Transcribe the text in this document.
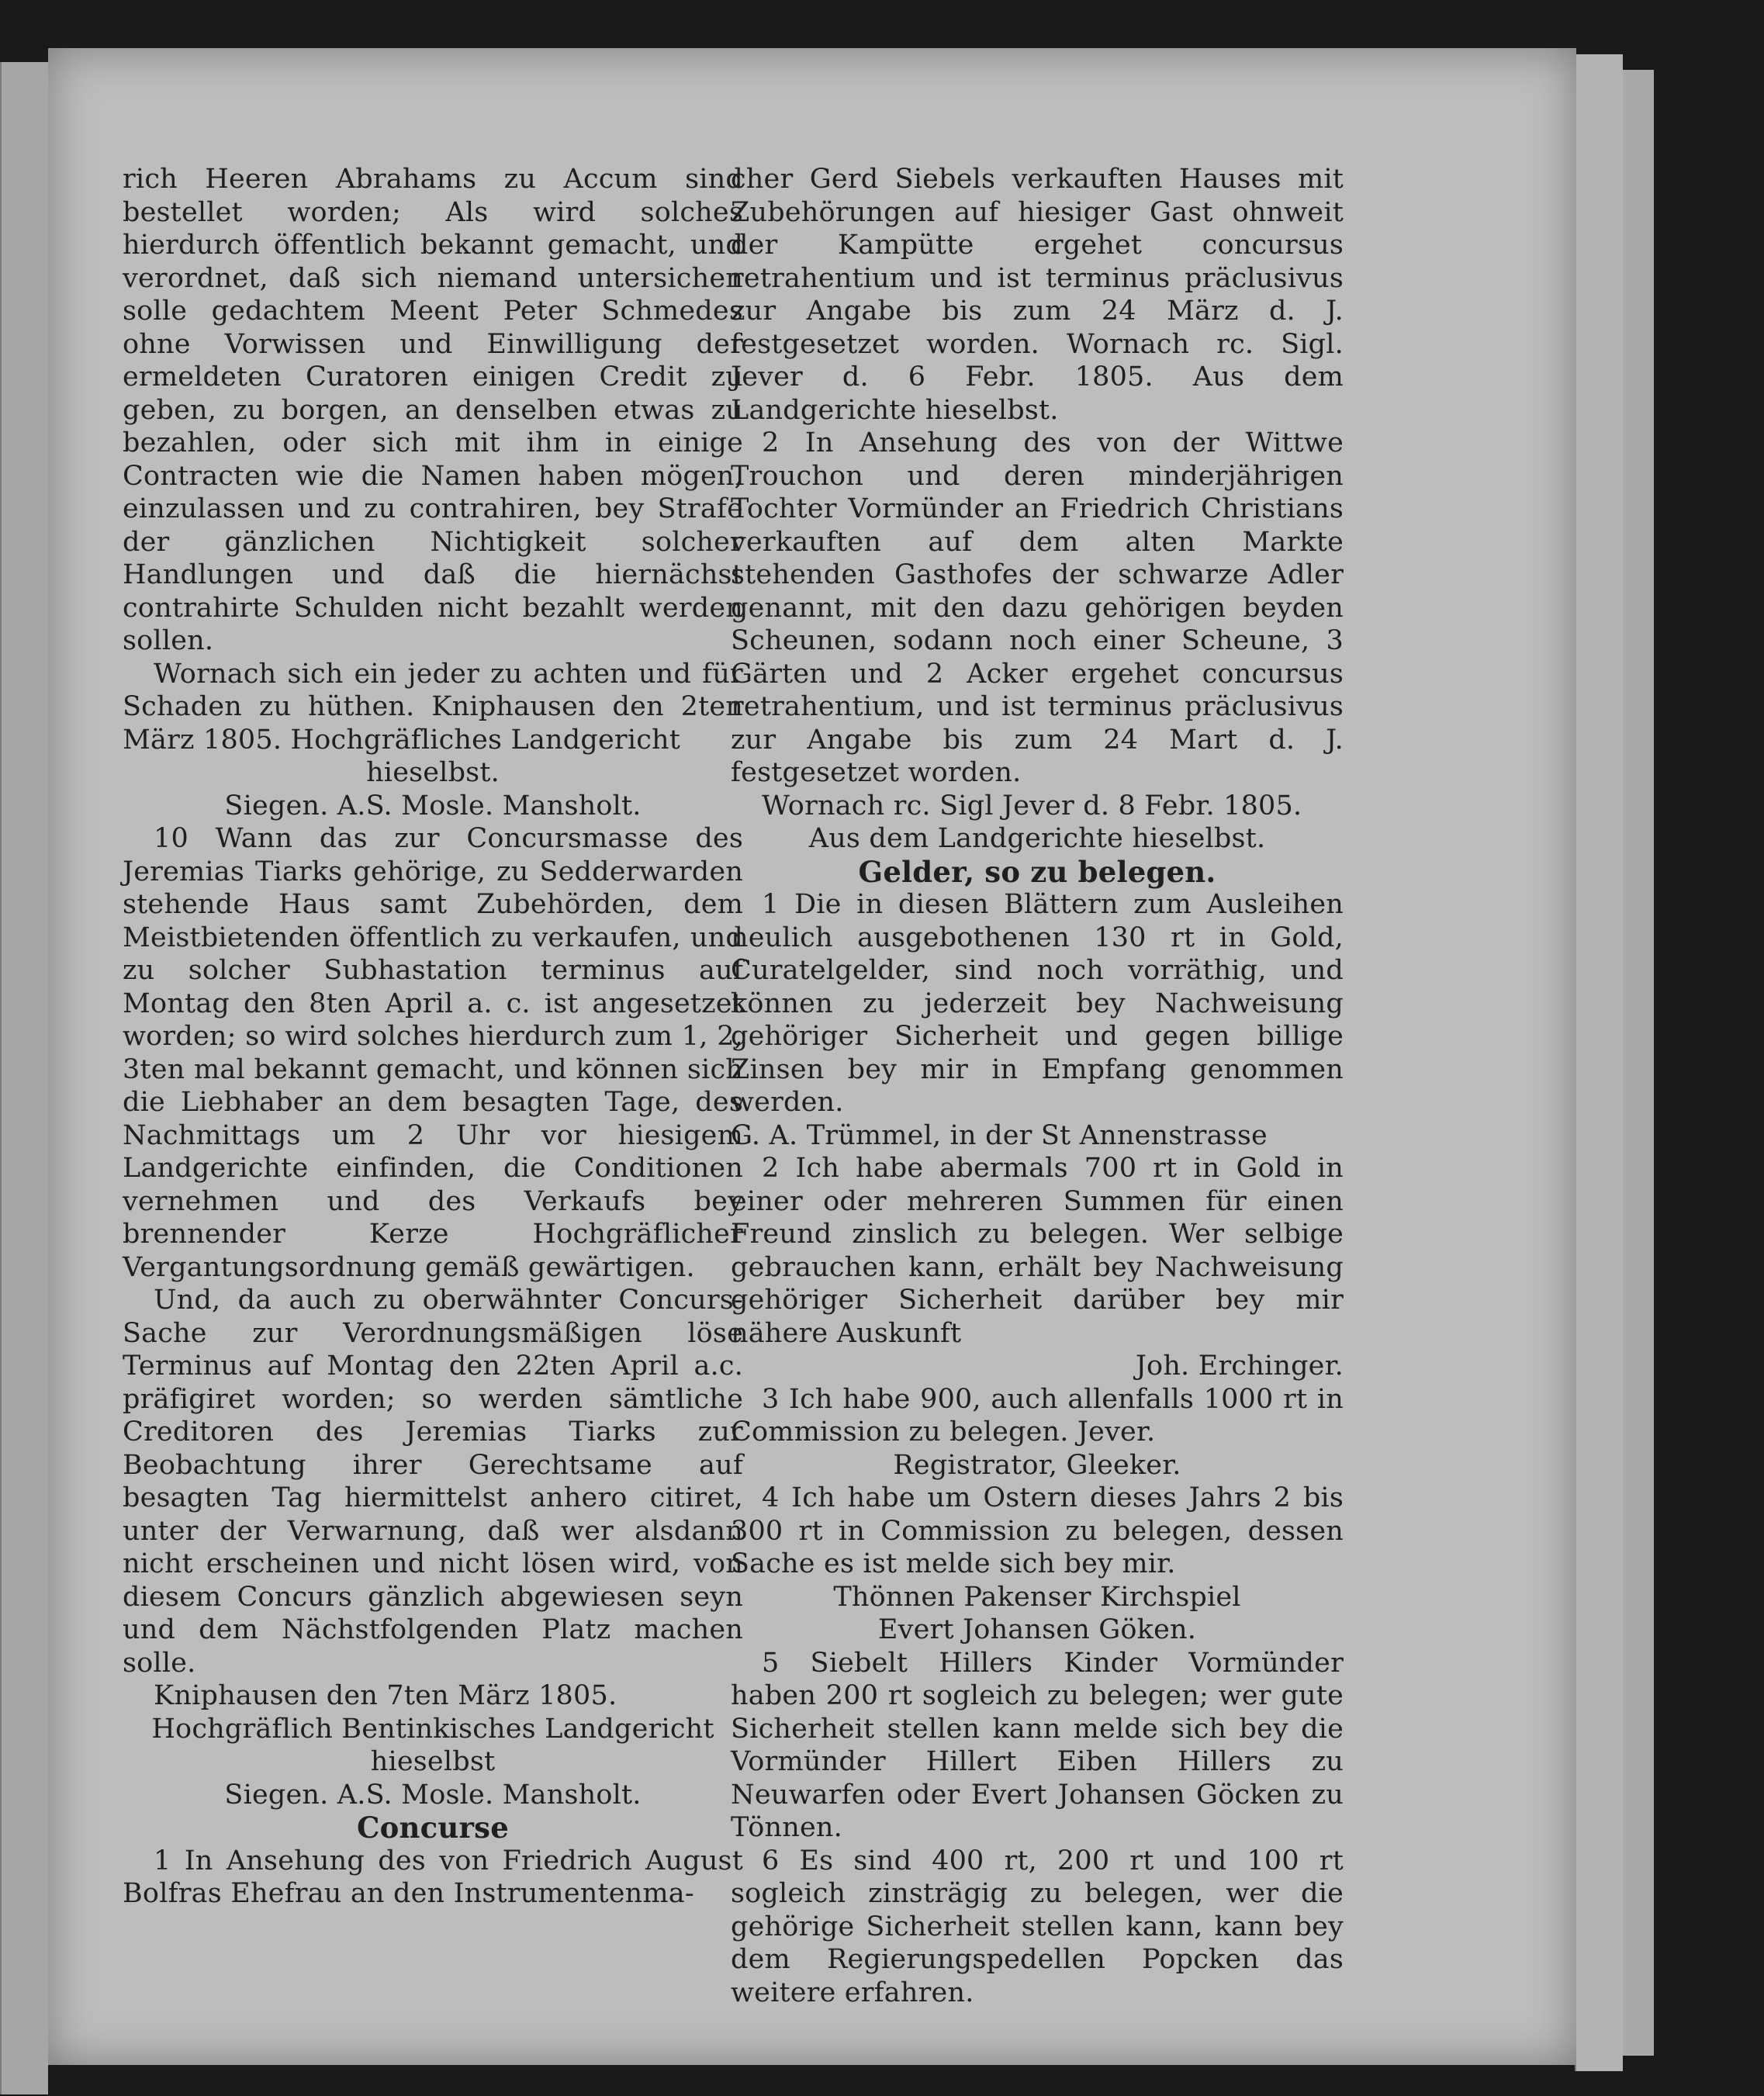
rich Heeren Abrahams zu Accum sind bestellet worden; Als wird solches hierdurch öffentlich bekannt gemacht, und verordnet, daß sich niemand untersichen solle gedachtem Meent Peter Schmedes ohne Vorwissen und Einwilligung der ermeldeten Curatoren einigen Credit zu geben, zu borgen, an denselben etwas zu bezahlen, oder sich mit ihm in einige Contracten wie die Namen haben mögen, einzulassen und zu contrahiren, bey Strafe der gänzlichen Nichtigkeit solcher Handlungen und daß die hiernächst contrahirte Schulden nicht bezahlt werden sollen.

Wornach sich ein jeder zu achten und für Schaden zu hüthen. Kniphausen den 2ten März 1805. Hochgräfliches Landgericht

hieselbst.

Siegen. A.S. Mosle. Mansholt.

10 Wann das zur Concursmasse des Jeremias Tiarks gehörige, zu Sedderwarden stehende Haus samt Zubehörden, dem Meistbietenden öffentlich zu verkaufen, und zu solcher Subhastation terminus auf Montag den 8ten April a. c. ist angesetzet worden; so wird solches hierdurch zum 1, 2, 3ten mal bekannt gemacht, und können sich die Liebhaber an dem besagten Tage, des Nachmittags um 2 Uhr vor hiesigem Landgerichte einfinden, die Conditionen vernehmen und des Verkaufs bey brennender Kerze Hochgräflicher Vergantungsordnung gemäß gewärtigen.

Und, da auch zu oberwähnter Concurs-Sache zur Verordnungsmäßigen löse Terminus auf Montag den 22ten April a.c. präfigiret worden; so werden sämtliche Creditoren des Jeremias Tiarks zur Beobachtung ihrer Gerechtsame auf besagten Tag hiermittelst anhero citiret, unter der Verwarnung, daß wer alsdann nicht erscheinen und nicht lösen wird, von diesem Concurs gänzlich abgewiesen seyn und dem Nächstfolgenden Platz machen solle.

Kniphausen den 7ten März 1805.

Hochgräflich Bentinkisches Landgericht

hieselbst

Siegen. A.S. Mosle. Mansholt.

Concurse

1 In Ansehung des von Friedrich August Bolfras Ehefrau an den Instrumentenma-

cher Gerd Siebels verkauften Hauses mit Zubehörungen auf hiesiger Gast ohnweit der Kampütte ergehet concursus retrahentium und ist terminus präclusivus zur Angabe bis zum 24 März d. J. festgesetzet worden. Wornach rc. Sigl. Jever d. 6 Febr. 1805. Aus dem Landgerichte hieselbst.

2 In Ansehung des von der Wittwe Trouchon und deren minderjährigen Tochter Vormünder an Friedrich Christians verkauften auf dem alten Markte stehenden Gasthofes der schwarze Adler genannt, mit den dazu gehörigen beyden Scheunen, sodann noch einer Scheune, 3 Gärten und 2 Acker ergehet concursus retrahentium, und ist terminus präclusivus zur Angabe bis zum 24 Mart d. J. festgesetzet worden.

Wornach rc. Sigl Jever d. 8 Febr. 1805.

Aus dem Landgerichte hieselbst.

Gelder, so zu belegen.

1 Die in diesen Blättern zum Ausleihen neulich ausgebothenen 130 rt in Gold, Curatelgelder, sind noch vorräthig, und können zu jederzeit bey Nachweisung gehöriger Sicherheit und gegen billige Zinsen bey mir in Empfang genommen werden.

G. A. Trümmel, in der St Annenstrasse

2 Ich habe abermals 700 rt in Gold in einer oder mehreren Summen für einen Freund zinslich zu belegen. Wer selbige gebrauchen kann, erhält bey Nachweisung gehöriger Sicherheit darüber bey mir nähere Auskunft

Joh. Erchinger.

3 Ich habe 900, auch allenfalls 1000 rt in Commission zu belegen. Jever.

Registrator, Gleeker.

4 Ich habe um Ostern dieses Jahrs 2 bis 300 rt in Commission zu belegen, dessen Sache es ist melde sich bey mir.

Thönnen Pakenser Kirchspiel

Evert Johansen Göken.

5 Siebelt Hillers Kinder Vormünder haben 200 rt sogleich zu belegen; wer gute Sicherheit stellen kann melde sich bey die Vormünder Hillert Eiben Hillers zu Neuwarfen oder Evert Johansen Göcken zu Tönnen.

6 Es sind 400 rt, 200 rt und 100 rt sogleich zinsträgig zu belegen, wer die gehörige Sicherheit stellen kann, kann bey dem Regierungspedellen Popcken das weitere erfahren.
